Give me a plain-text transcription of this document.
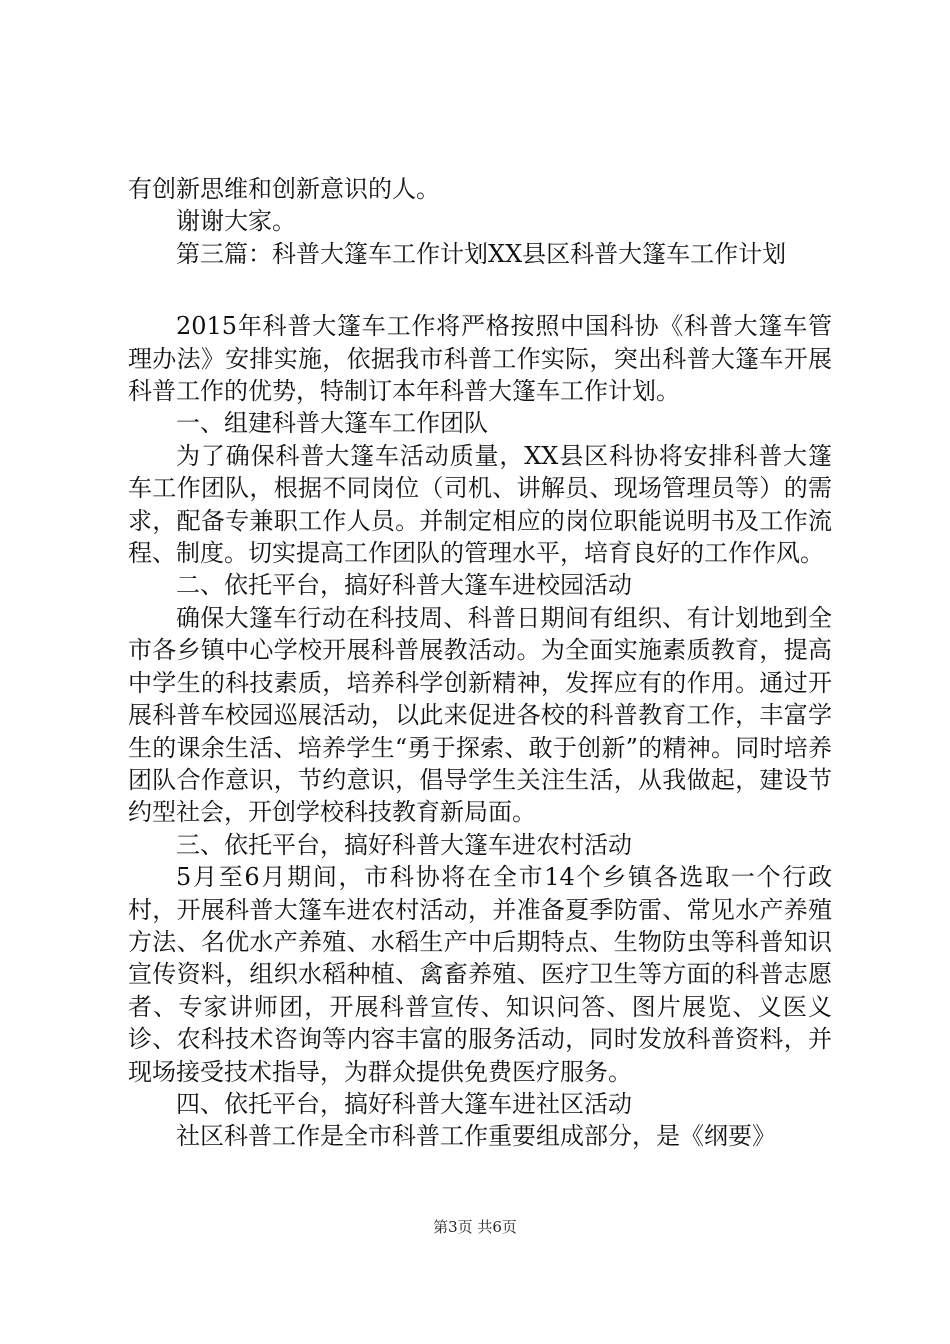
有创新思维和创新意识的人。

谢谢大家。

第三篇：科普大篷车工作计划XX县区科普大篷车工作计划

2015年科普大篷车工作将严格按照中国科协《科普大篷车管理办法》安排实施，依据我市科普工作实际，突出科普大篷车开展科普工作的优势，特制订本年科普大篷车工作计划。

一、组建科普大篷车工作团队

为了确保科普大篷车活动质量，XX县区科协将安排科普大篷车工作团队，根据不同岗位（司机、讲解员、现场管理员等）的需求，配备专兼职工作人员。并制定相应的岗位职能说明书及工作流程、制度。切实提高工作团队的管理水平，培育良好的工作作风。

二、依托平台，搞好科普大篷车进校园活动

确保大篷车行动在科技周、科普日期间有组织、有计划地到全市各乡镇中心学校开展科普展教活动。为全面实施素质教育，提高中学生的科技素质，培养科学创新精神，发挥应有的作用。通过开展科普车校园巡展活动，以此来促进各校的科普教育工作，丰富学生的课余生活、培养学生“勇于探索、敢于创新”的精神。同时培养团队合作意识，节约意识，倡导学生关注生活，从我做起，建设节约型社会，开创学校科技教育新局面。

三、依托平台，搞好科普大篷车进农村活动

5月至6月期间，市科协将在全市14个乡镇各选取一个行政村，开展科普大篷车进农村活动，并准备夏季防雷、常见水产养殖方法、名优水产养殖、水稻生产中后期特点、生物防虫等科普知识宣传资料，组织水稻种植、禽畜养殖、医疗卫生等方面的科普志愿者、专家讲师团，开展科普宣传、知识问答、图片展览、义医义诊、农科技术咨询等内容丰富的服务活动，同时发放科普资料，并现场接受技术指导，为群众提供免费医疗服务。

四、依托平台，搞好科普大篷车进社区活动

社区科普工作是全市科普工作重要组成部分，是《纲要》

第3页 共6页
